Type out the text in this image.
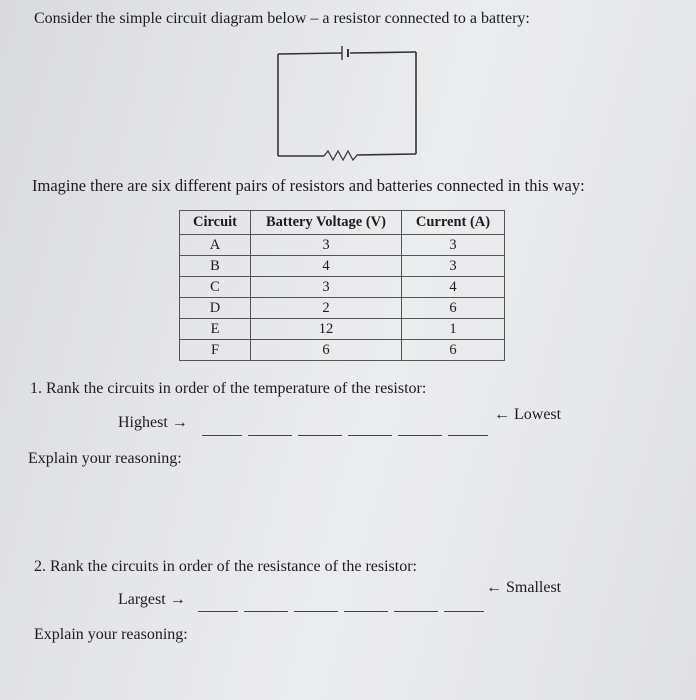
Consider the simple circuit diagram below – a resistor connected to a battery:
Imagine there are six different pairs of resistors and batteries connected in this way:
Circuit	Battery Voltage (V)	Current (A)
A	3	3
B	4	3
C	3	4
D	2	6
E	12	1
F	6	6
1. Rank the circuits in order of the temperature of the resistor:
Highest →	← Lowest
Explain your reasoning:
2. Rank the circuits in order of the resistance of the resistor:
Largest →
← Smallest
Explain your reasoning:
